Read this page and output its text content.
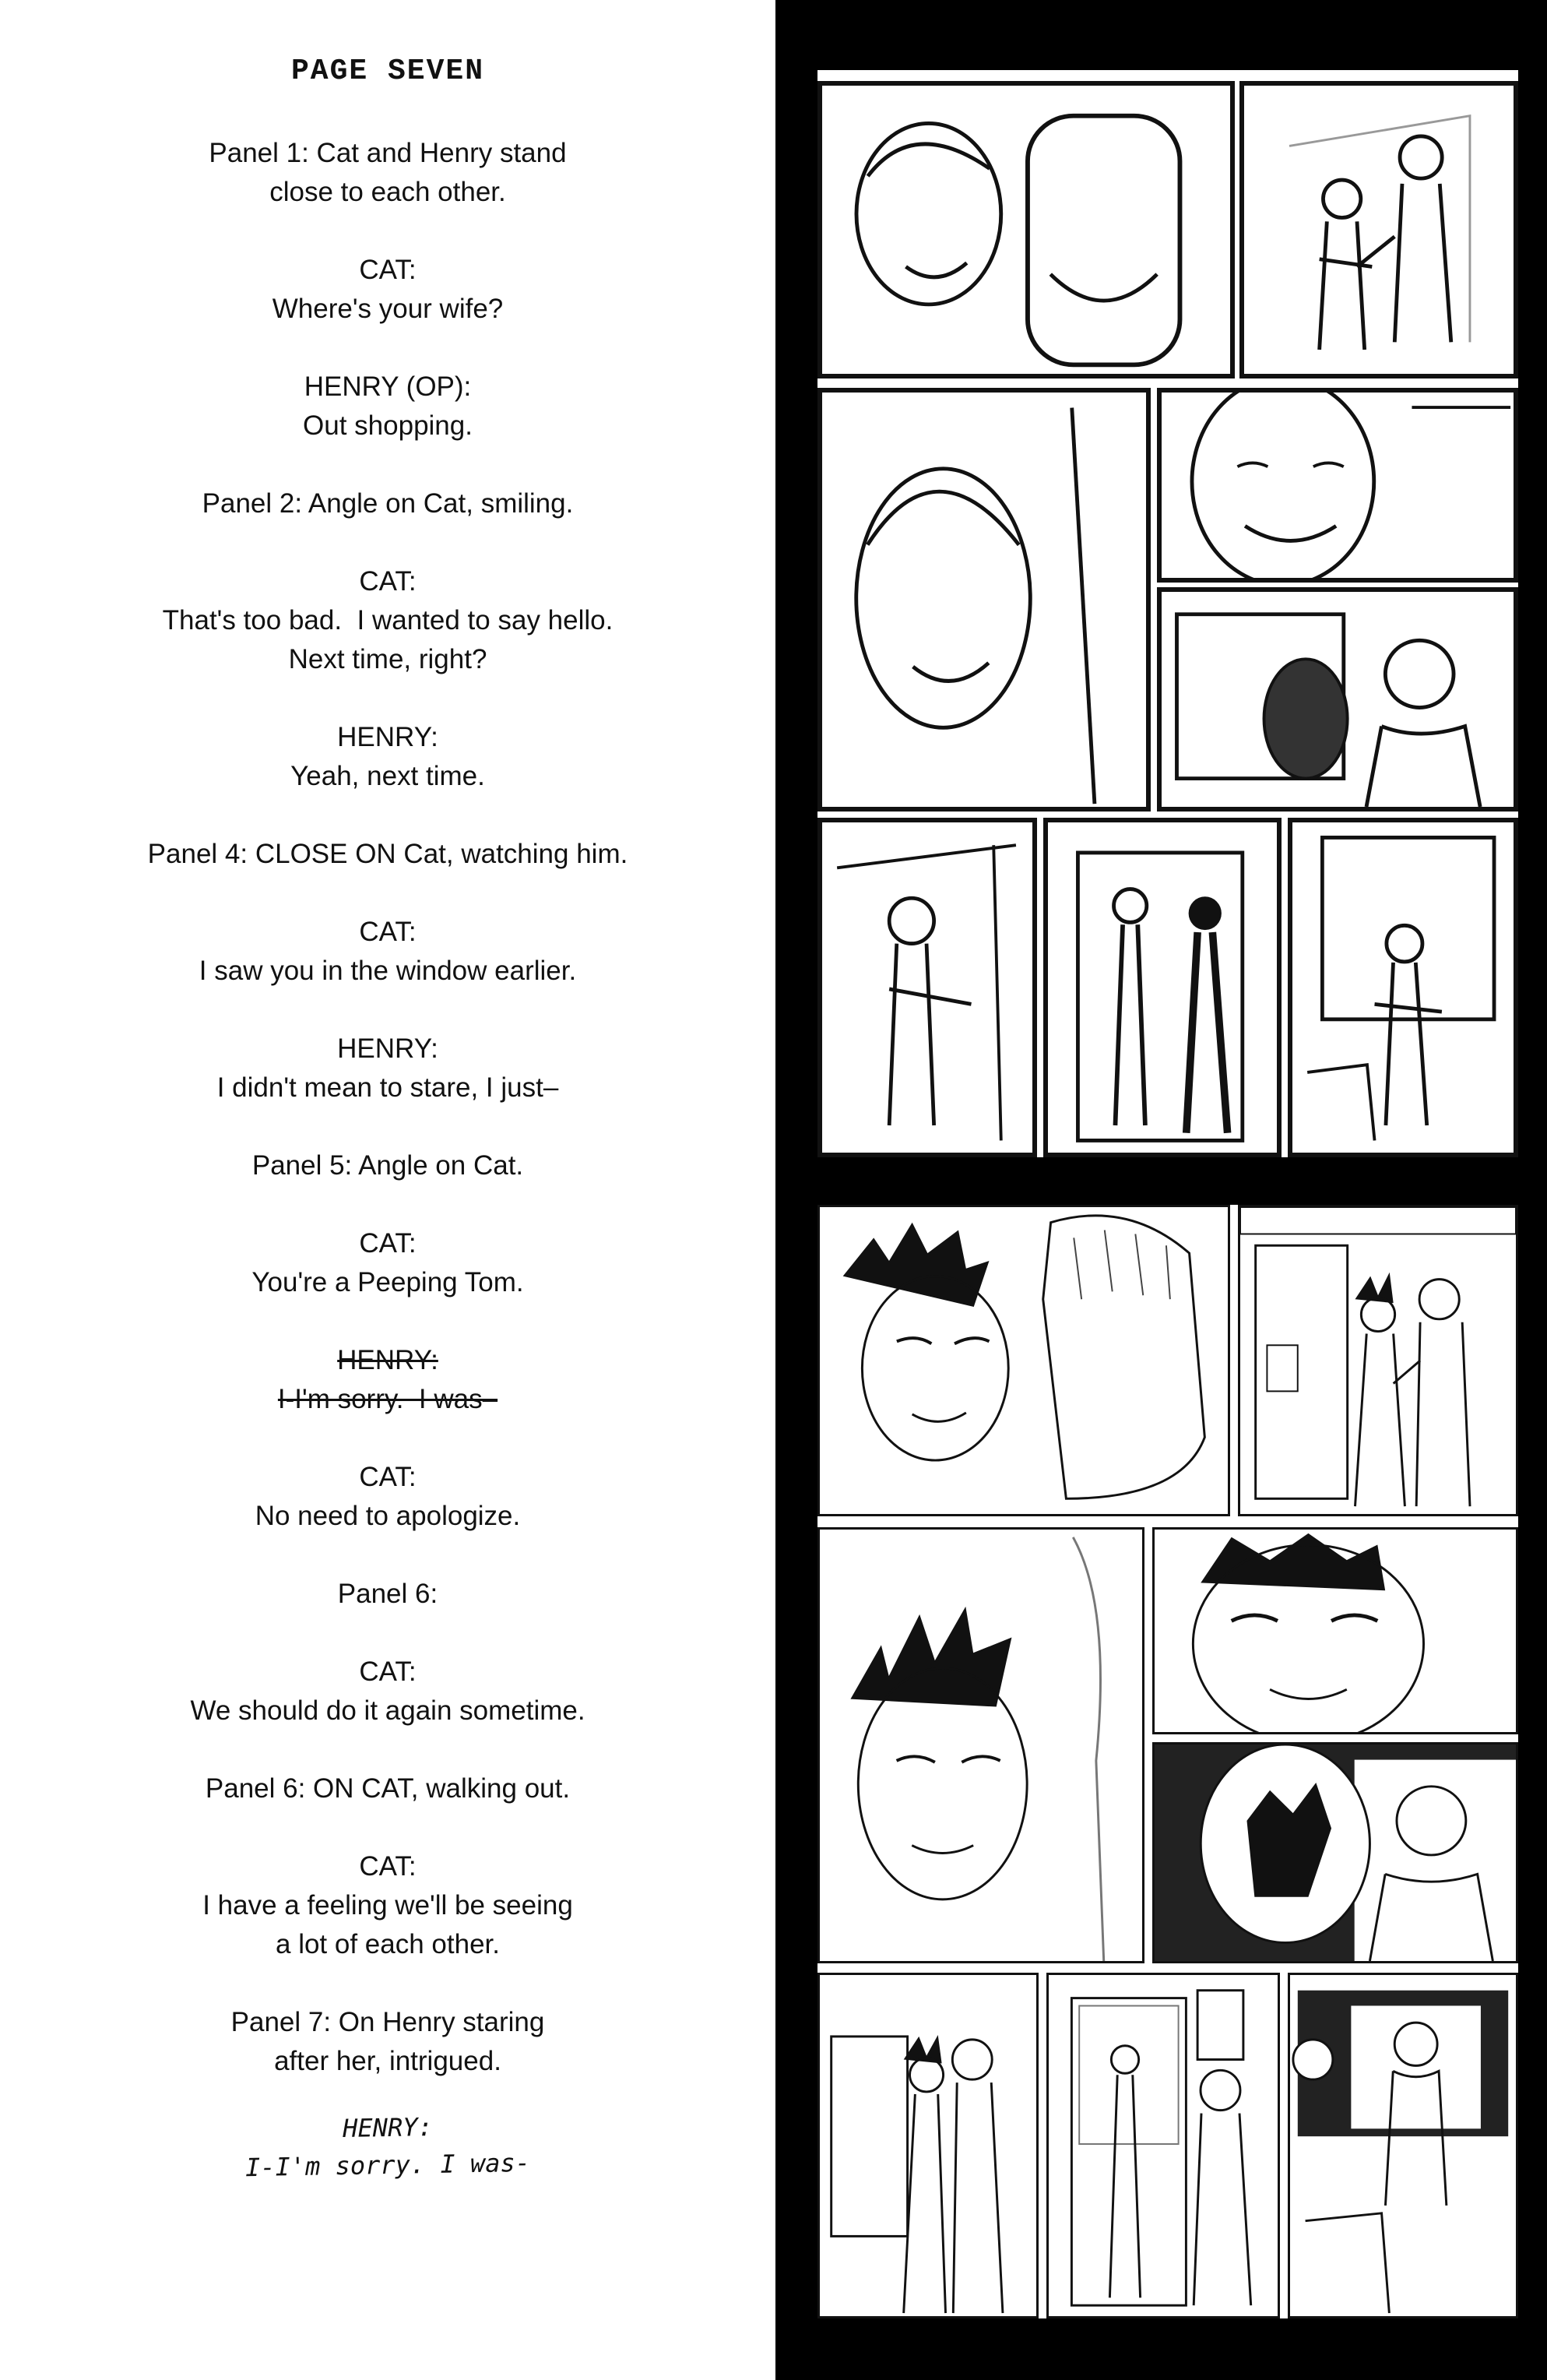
PAGE SEVEN
Panel 1: Cat and Henry stand
close to each other.
CAT:
Where's your wife?
HENRY (OP):
Out shopping.
Panel 2: Angle on Cat, smiling.
CAT:
That's too bad.  I wanted to say hello.
Next time, right?
HENRY:
Yeah, next time.
Panel 4: CLOSE ON Cat, watching him.
CAT:
I saw you in the window earlier.
HENRY:
I didn't mean to stare, I just–
Panel 5: Angle on Cat.
CAT:
You're a Peeping Tom.
HENRY:
I-I'm sorry.  I was–
CAT:
No need to apologize.
Panel 6:
CAT:
We should do it again sometime.
Panel 6: ON CAT, walking out.
CAT:
I have a feeling we'll be seeing
a lot of each other.
Panel 7: On Henry staring
after her, intrigued.
HENRY:
I-I'm sorry. I was-
